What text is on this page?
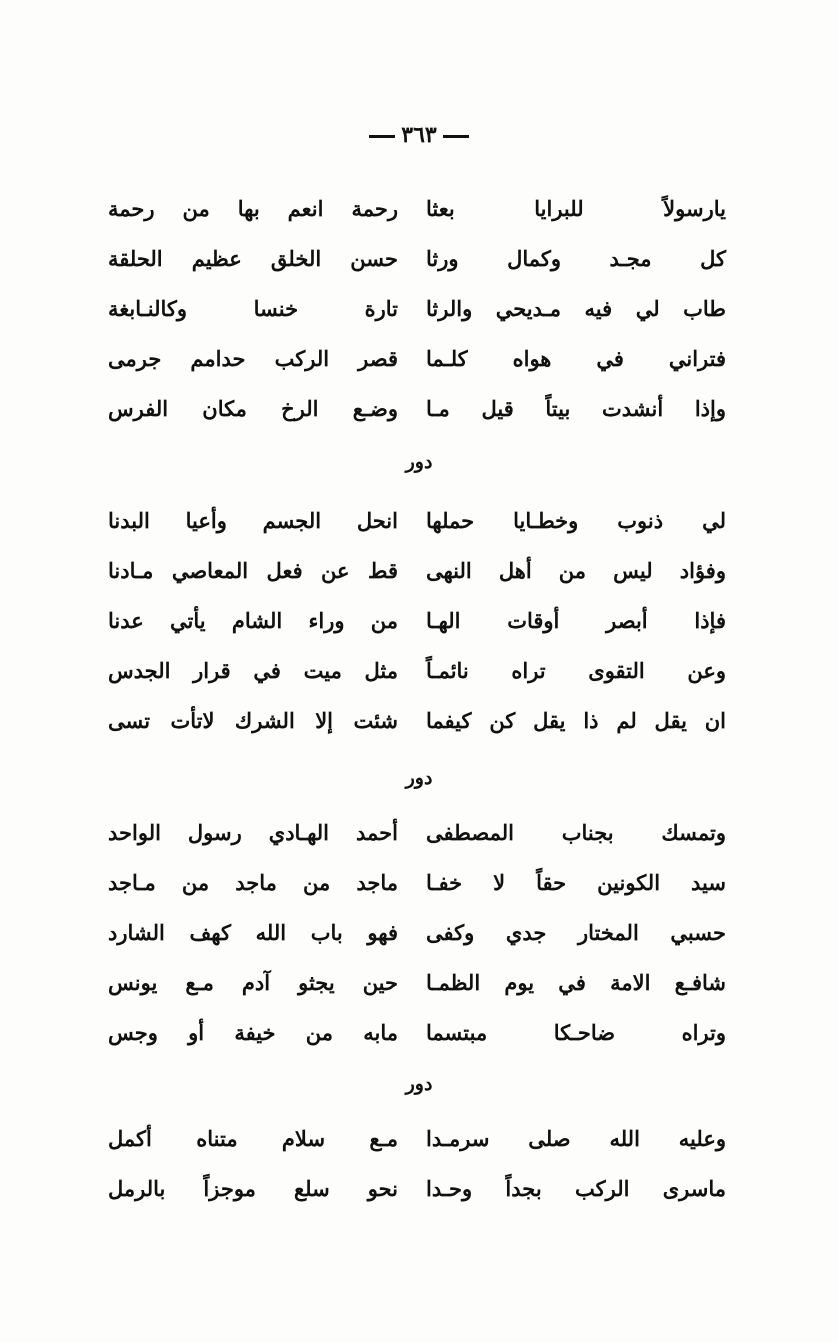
٣٦٣
يارسولاً للبرايا بعثا
رحمة انعم بها من رحمة
كل مجـد وكمال ورثا
حسن الخلق عظيم الحلقة
طاب لي فيه مـديحي والرثا
تارة خنسا وكالنـابغة
فتراني في هواه كلـما
قصر الركب حدامم جرمى
وإذا أنشدت بيتاً قيل مـا
وضـع الرخ مكان الفرس
دور
لي ذنوب وخطـايا حملها
انحل الجسم وأعيا البدنا
وفؤاد ليس من أهل النهى
قط عن فعل المعاصي مـادنا
فإذا أبصر أوقات الهـا
من وراء الشام يأتي عدنا
وعن التقوى تراه نائمـاً
مثل ميت في قرار الجدس
ان يقل لم ذا يقل كن كيفما
شئت إلا الشرك لاتأت تسى
دور
وتمسك بجناب المصطفى
أحمد الهـادي رسول الواحد
سيد الكونين حقاً لا خفـا
ماجد من ماجد من مـاجد
حسبي المختار جدي وكفى
فهو باب الله كهف الشارد
شافـع الامة في يوم الظمـا
حين يجثو آدم مـع يونس
وتراه ضاحـكا مبتسما
مابه من خيفة أو وجس
دور
وعليه الله صلى سرمـدا
مـع سلام متناه أكمل
ماسرى الركب بجداً وحـدا
نحو سلع موجزاً بالرمل
